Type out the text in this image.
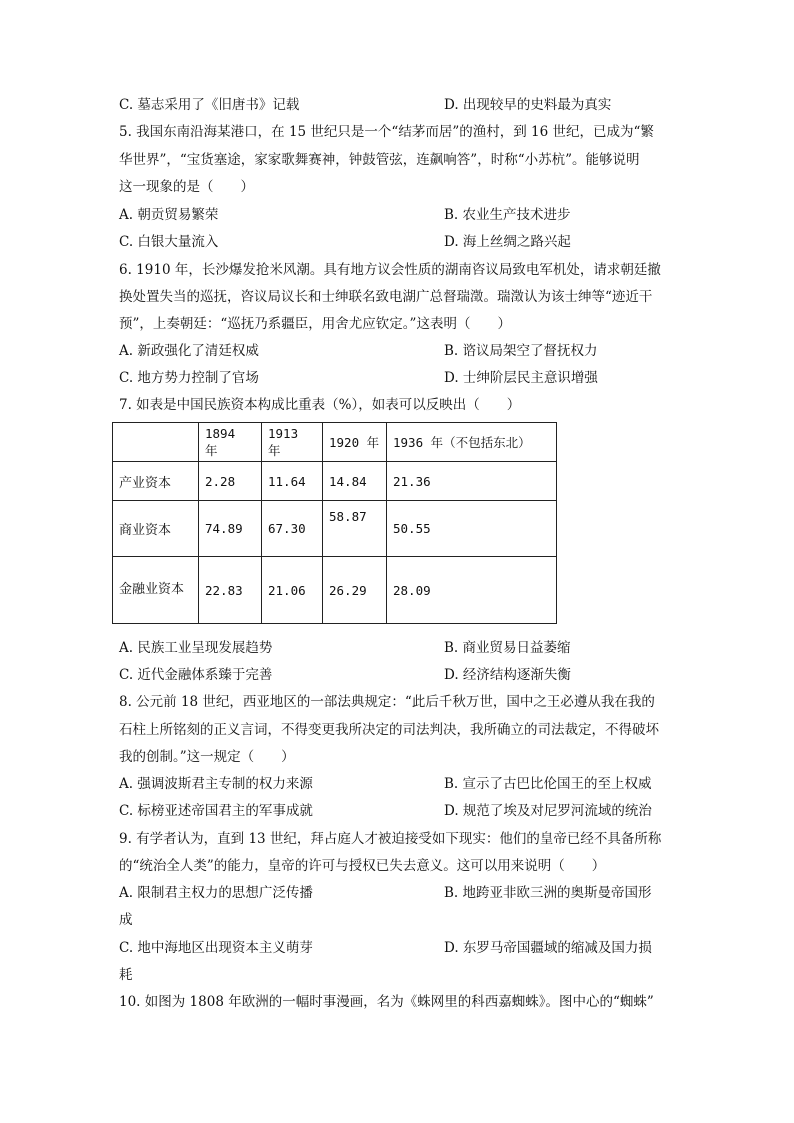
C. 墓志采用了《旧唐书》记载	D. 出现较早的史料最为真实
5. 我国东南沿海某港口，在 15 世纪只是一个“结茅而居”的渔村，到 16 世纪，已成为“繁
华世界”，“宝货塞途，家家歌舞赛神，钟鼓管弦，连飙响答”，时称“小苏杭”。能够说明
这一现象的是（　　）
A. 朝贡贸易繁荣	B. 农业生产技术进步
C. 白银大量流入	D. 海上丝绸之路兴起
6. 1910 年，长沙爆发抢米风潮。具有地方议会性质的湖南咨议局致电军机处，请求朝廷撤
换处置失当的巡抚，咨议局议长和士绅联名致电湖广总督瑞澂。瑞澂认为该士绅等“迹近干
预”，上奏朝廷：“巡抚乃系疆臣，用舍尤应钦定。”这表明（　　）
A. 新政强化了清廷权威	B. 谘议局架空了督抚权力
C. 地方势力控制了官场	D. 士绅阶层民主意识增强
7. 如表是中国民族资本构成比重表（%），如表可以反映出（　　）
	1894 年	1913 年	1920 年	1936 年（不包括东北）
产业资本	2.28	11.64	14.84	21.36
商业资本	74.89	67.30	58.87	50.55
金融业资本	22.83	21.06	26.29	28.09
A. 民族工业呈现发展趋势	B. 商业贸易日益萎缩
C. 近代金融体系臻于完善	D. 经济结构逐渐失衡
8. 公元前 18 世纪，西亚地区的一部法典规定：“此后千秋万世，国中之王必遵从我在我的
石柱上所铭刻的正义言词，不得变更我所决定的司法判决，我所确立的司法裁定，不得破坏
我的创制。”这一规定（　　）
A. 强调波斯君主专制的权力来源	B. 宣示了古巴比伦国王的至上权威
C. 标榜亚述帝国君主的军事成就	D. 规范了埃及对尼罗河流域的统治
9. 有学者认为，直到 13 世纪，拜占庭人才被迫接受如下现实：他们的皇帝已经不具备所称
的“统治全人类”的能力，皇帝的许可与授权已失去意义。这可以用来说明（　　）
A. 限制君主权力的思想广泛传播	B. 地跨亚非欧三洲的奥斯曼帝国形
成
C. 地中海地区出现资本主义萌芽	D. 东罗马帝国疆域的缩减及国力损
耗
10. 如图为 1808 年欧洲的一幅时事漫画，名为《蛛网里的科西嘉蜘蛛》。图中心的“蜘蛛”
